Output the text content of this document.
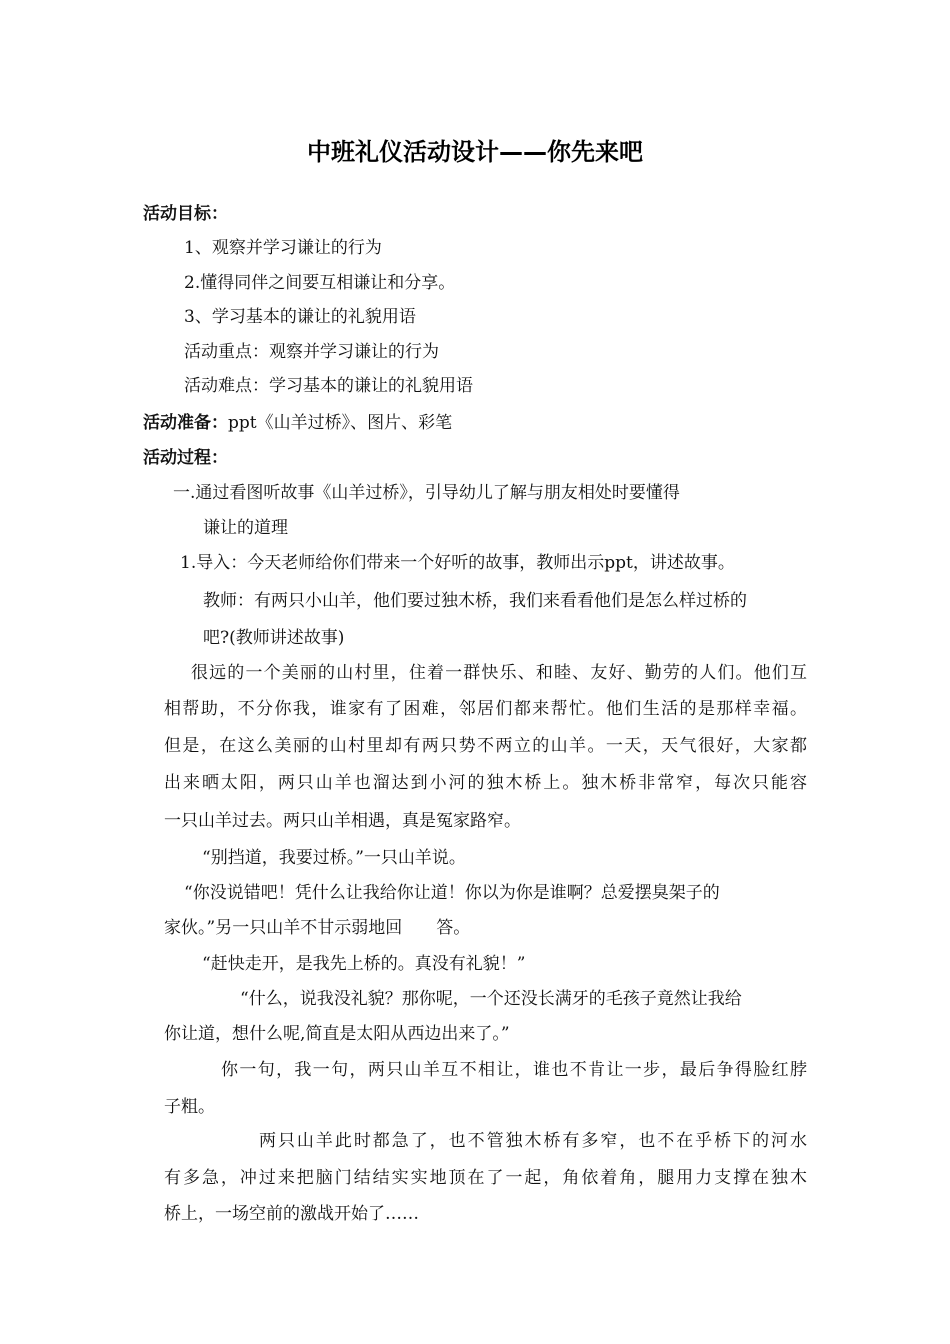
中班礼仪活动设计——你先来吧
活动目标：
1、观察并学习谦让的行为
2.懂得同伴之间要互相谦让和分享。
3、学习基本的谦让的礼貌用语
活动重点：观察并学习谦让的行为
活动难点：学习基本的谦让的礼貌用语
活动准备：ppt《山羊过桥》、图片、彩笔
活动过程：
一.通过看图听故事《山羊过桥》，引导幼儿了解与朋友相处时要懂得
谦让的道理
1.导入：今天老师给你们带来一个好听的故事，教师出示ppt，讲述故事。
教师：有两只小山羊，他们要过独木桥，我们来看看他们是怎么样过桥的
吧?(教师讲述故事)
很远的一个美丽的山村里，住着一群快乐、和睦、友好、勤劳的人们。他们互
相帮助，不分你我，谁家有了困难，邻居们都来帮忙。他们生活的是那样幸福。
但是，在这么美丽的山村里却有两只势不两立的山羊。一天，天气很好，大家都
出来晒太阳，两只山羊也溜达到小河的独木桥上。独木桥非常窄，每次只能容
一只山羊过去。两只山羊相遇，真是冤家路窄。
“别挡道，我要过桥。”一只山羊说。
“你没说错吧！凭什么让我给你让道！你以为你是谁啊？总爱摆臭架子的
家伙。”另一只山羊不甘示弱地回　　答。
“赶快走开，是我先上桥的。真没有礼貌！”
“什么，说我没礼貌？那你呢，一个还没长满牙的毛孩子竟然让我给
你让道，想什么呢,简直是太阳从西边出来了。”
你一句，我一句，两只山羊互不相让，谁也不肯让一步，最后争得脸红脖
子粗。
两只山羊此时都急了，也不管独木桥有多窄，也不在乎桥下的河水
有多急，冲过来把脑门结结实实地顶在了一起，角依着角，腿用力支撑在独木
桥上，一场空前的激战开始了……
